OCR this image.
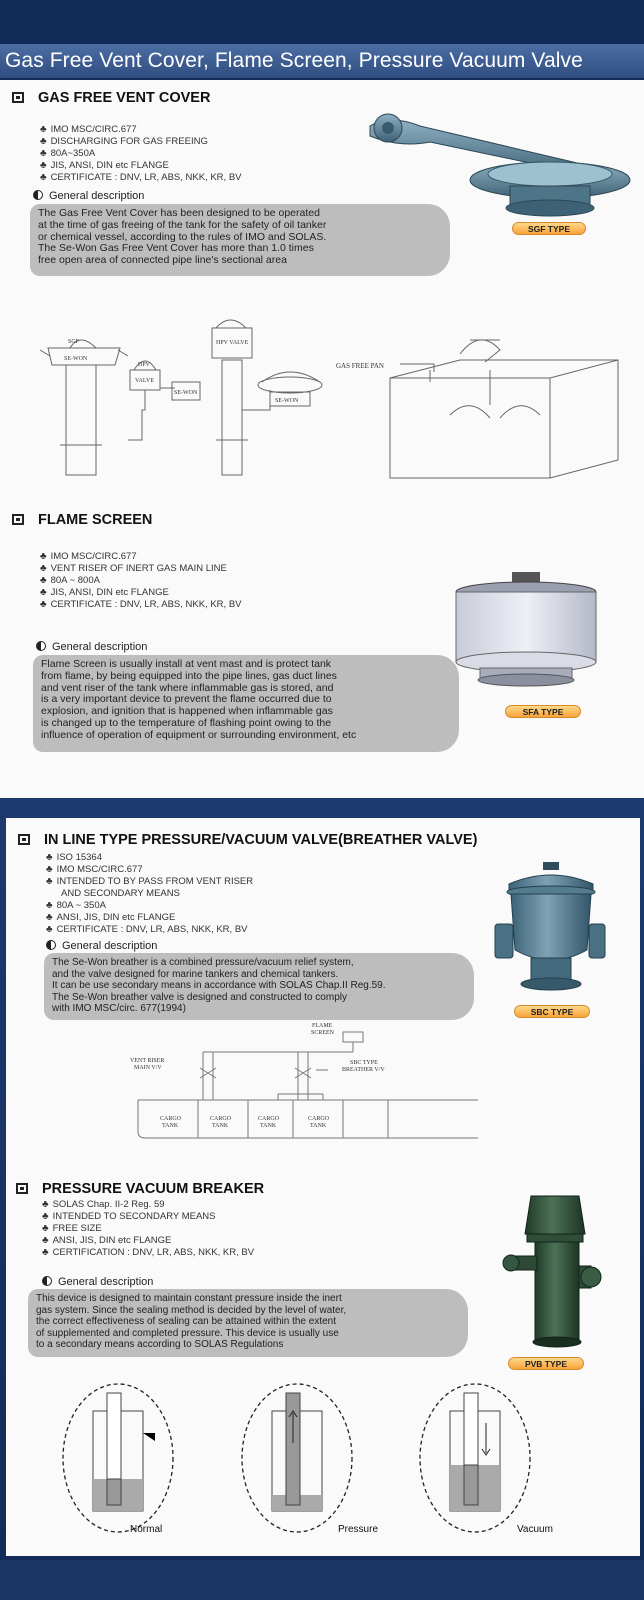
Gas Free Vent Cover, Flame Screen, Pressure Vacuum Valve
GAS FREE VENT COVER
♣ IMO MSC/CIRC.677
♣ DISCHARGING FOR GAS FREEING
♣ 80A~350A
♣ JIS, ANSI, DIN etc FLANGE
♣ CERTIFICATE : DNV, LR, ABS, NKK, KR, BV
General description
The Gas Free Vent Cover has been designed to be operated
at the time of gas freeing of the tank for the safety of oil tanker
or chemical vessel, according to the rules of IMO and SOLAS.
The Se-Won Gas Free Vent Cover has more than 1.0 times
free open area of connected pipe line's sectional area
SGF TYPE
SGF
SE-WON
HPV
VALVE
SE-WON
HPV VALVE
SE-WON
GAS FREE PAN
FLAME SCREEN
♣ IMO MSC/CIRC.677
♣ VENT RISER OF INERT GAS MAIN LINE
♣ 80A ~ 800A
♣ JIS, ANSI, DIN etc FLANGE
♣ CERTIFICATE : DNV, LR, ABS, NKK, KR, BV
General description
Flame Screen is usually install at vent mast and is protect tank
from flame, by being equipped into the pipe lines, gas duct lines
and vent riser of the tank where inflammable gas is stored, and
is a very important device to prevent the flame occurred due to
explosion, and ignition that is happened when inflammable gas
is changed up to the temperature of flashing point owing to the
influence of operation of equipment or surrounding environment, etc
SFA TYPE
IN LINE TYPE PRESSURE/VACUUM VALVE(BREATHER VALVE)
♣ ISO 15364
♣ IMO MSC/CIRC.677
♣ INTENDED TO BY PASS FROM VENT RISER
AND SECONDARY MEANS
♣ 80A ~ 350A
♣ ANSI, JIS, DIN etc FLANGE
♣ CERTIFICATE : DNV, LR, ABS, NKK, KR, BV
General description
The Se-Won breather is a combined pressure/vacuum relief system,
and the valve designed for marine tankers and chemical tankers.
It can be use secondary means in accordance with SOLAS Chap.II Reg.59.
The Se-Won breather valve is designed and constructed to comply
with IMO MSC/circ. 677(1994)	SBC TYPE
FLAME
SCREEN
VENT RISER
MAIN V/V
SBC TYPE
BREATHER V/V
CARGO
TANK
CARGO
TANK
CARGO
TANK
CARGO
TANK
PRESSURE VACUUM BREAKER
♣ SOLAS Chap. II-2 Reg. 59
♣ INTENDED TO SECONDARY MEANS
♣ FREE SIZE
♣ ANSI, JIS, DIN etc FLANGE
♣ CERTIFICATION : DNV, LR, ABS, NKK, KR, BV
General description
This device is designed to maintain constant pressure inside the inert
gas system. Since the sealing method is decided by the level of water,
the correct effectiveness of sealing can be attained within the extent
of supplemented and completed pressure. This device is usually use
to a secondary means according to SOLAS Regulations
PVB TYPE
Normal	Pressure	Vacuum
